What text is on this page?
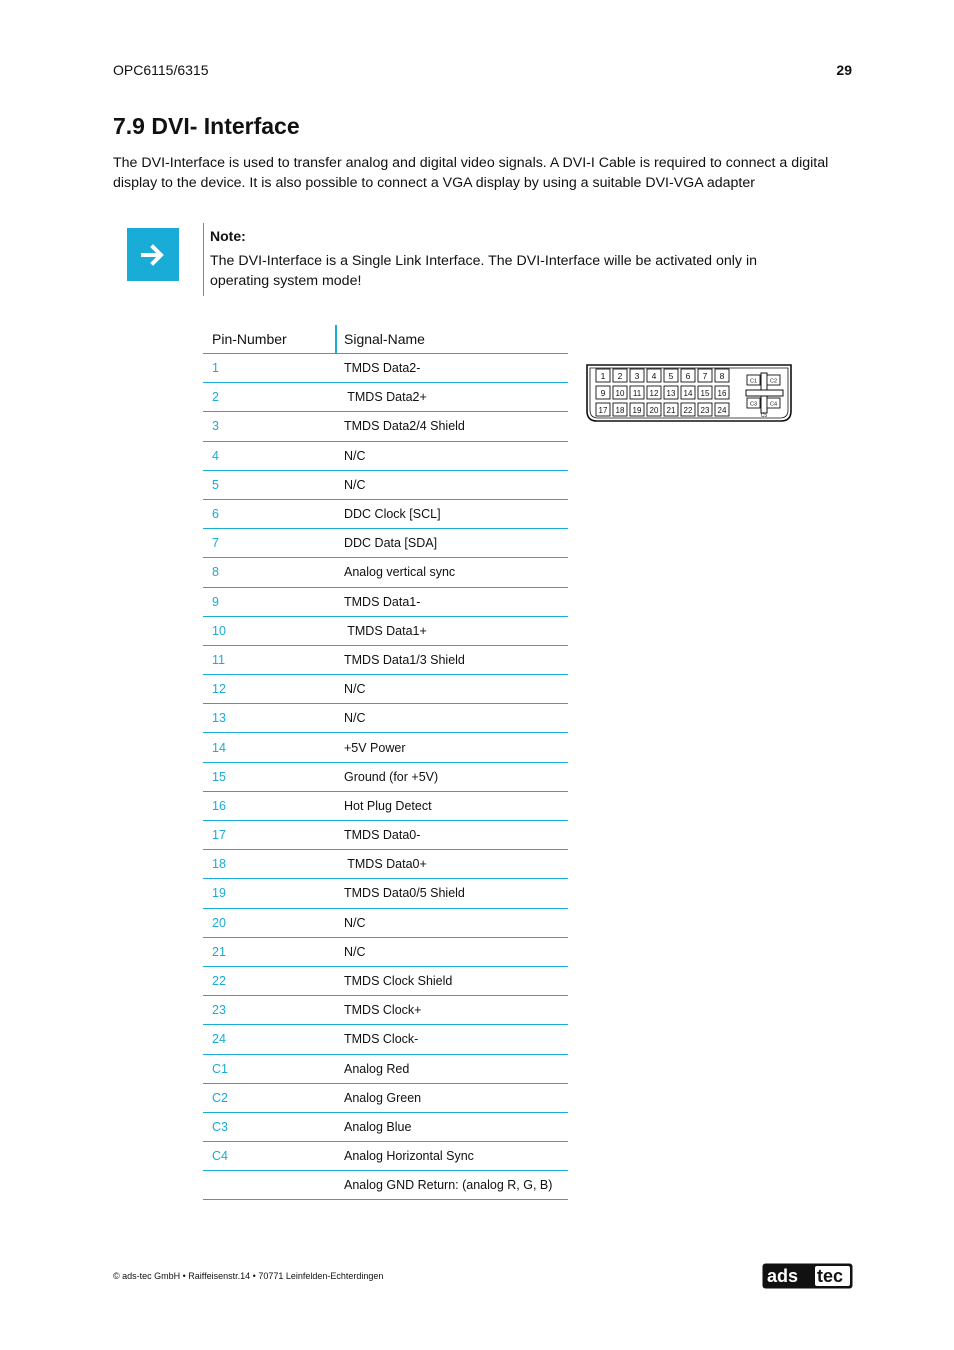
OPC6115/6315	29
7.9 DVI- Interface

The DVI-Interface is used to transfer analog and digital video signals. A DVI-I Cable is required to connect a digital display to the device. It is also possible to connect a VGA display by using a suitable DVI-VGA adapter

Note:

The DVI-Interface is a Single Link Interface. The DVI-Interface wille be activated only in operating system mode!

Pin-Number	Signal-Name
1	TMDS Data2-
2	TMDS Data2+
3	TMDS Data2/4 Shield
4	N/C
5	N/C
6	DDC Clock [SCL]
7	DDC Data [SDA]
8	Analog vertical sync
9	TMDS Data1-
10	TMDS Data1+
11	TMDS Data1/3 Shield
12	N/C
13	N/C
14	+5V Power
15	Ground (for +5V)
16	Hot Plug Detect
17	TMDS Data0-
18	TMDS Data0+
19	TMDS Data0/5 Shield
20	N/C
21	N/C
22	TMDS Clock Shield
23	TMDS Clock+
24	TMDS Clock-
C1	Analog Red
C2	Analog Green
C3	Analog Blue
C4	Analog Horizontal Sync
	Analog GND Return: (analog R, G, B)
1 2 3 4 5 6 7 8
9 10 11 12 13 14 15 16
17 18 19 20 21 22 23 24
C1 C2
C3 C4
C5
© ads-tec GmbH • Raiffeisenstr.14 • 70771 Leinfelden-Echterdingen	ads tec
